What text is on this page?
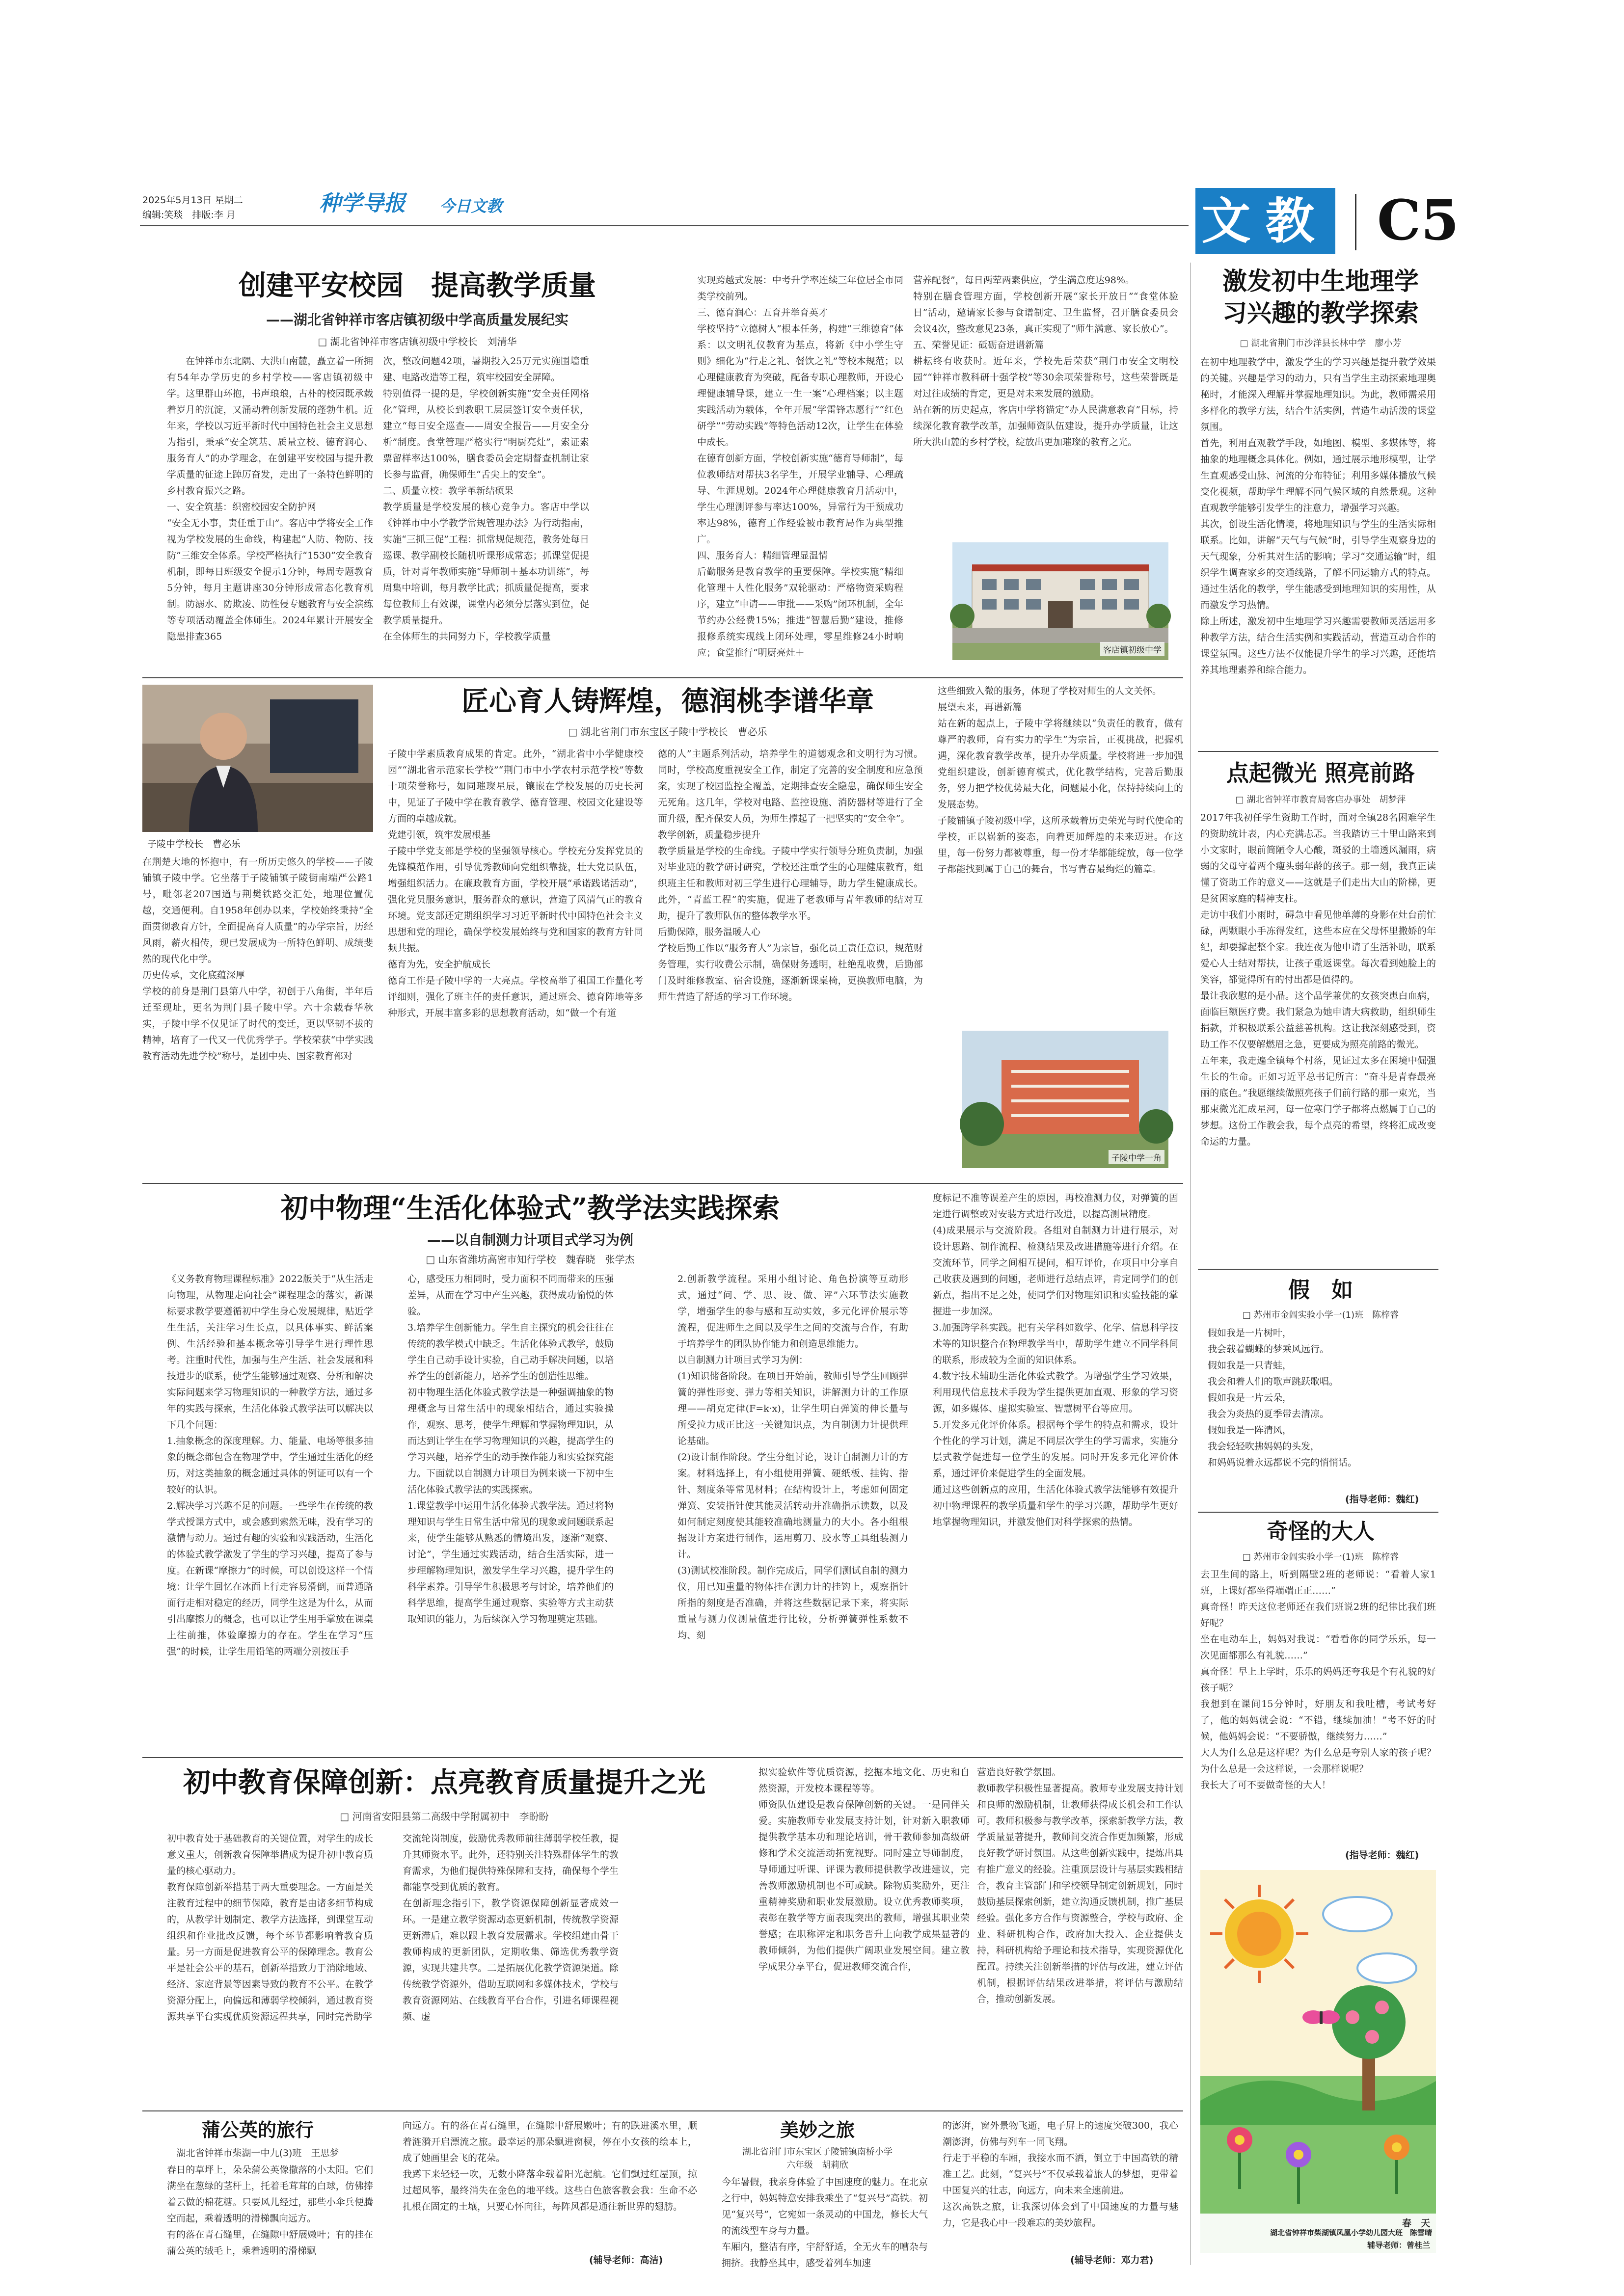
2025年5月13日 星期二
编辑:笑琰　排版:李 月	种学导报	今日文教	文教 C5
创建平安校园　提高教学质量
——湖北省钟祥市客店镇初级中学高质量发展纪实
□ 湖北省钟祥市客店镇初级中学校长　刘清华
在钟祥市东北隅、大洪山南麓，矗立着一所拥有54年办学历史的乡村学校——客店镇初级中学。这里群山环抱，书声琅琅，古朴的校园既承载着岁月的沉淀，又涌动着创新发展的蓬勃生机。近年来，学校以习近平新时代中国特色社会主义思想为指引，秉承“安全筑基、质量立校、德育润心、服务育人”的办学理念，在创建平安校园与提升教学质量的征途上踔厉奋发，走出了一条特色鲜明的乡村教育振兴之路。
一、安全筑基：织密校园安全防护网
“安全无小事，责任重于山”。客店中学将安全工作视为学校发展的生命线，构建起“人防、物防、技防”三维安全体系。学校严格执行“1530”安全教育机制，即每日班级安全提示1分钟，每周专题教育5分钟，每月主题讲座30分钟形成常态化教育机制。防溺水、防欺凌、防性侵专题教育与安全演练等专项活动覆盖全体师生。2024年累计开展安全隐患排查365
次，整改问题42项，暑期投入25万元实施围墙重建、电路改造等工程，筑牢校园安全屏障。
特别值得一提的是，学校创新实施“安全责任网格化”管理，从校长到教职工层层签订安全责任状，建立“每日安全巡查——周安全报告——月安全分析”制度。食堂管理严格实行“明厨亮灶”，索证索票留样率达100%，膳食委员会定期督查机制让家长参与监督，确保师生“舌尖上的安全”。
二、质量立校：教学革新结硕果
教学质量是学校发展的核心竞争力。客店中学以《钟祥市中小学教学常规管理办法》为行动指南，实施“三抓三促”工程：抓常规促规范，教务处每日巡课、教学副校长随机听课形成常态；抓课堂促提质，针对青年教师实施“导师制＋基本功训练”，每周集中培训，每月教学比武；抓质量促提高，要求每位教师上有效课，课堂内必须分层落实到位，促教学质量提升。
在全体师生的共同努力下，学校教学质量
实现跨越式发展：中考升学率连续三年位居全市同类学校前列。
三、德育润心：五育并举育英才
学校坚持“立德树人”根本任务，构建“三维德育”体系：以文明礼仪教育为基点，将新《中小学生守则》细化为“行走之礼、餐饮之礼”等校本规范；以心理健康教育为突破，配备专职心理教师，开设心理健康辅导课，建立一生一案”心理档案；以主题实践活动为载体，全年开展“学雷锋志愿行”“红色研学”“劳动实践”等特色活动12次，让学生在体验中成长。
在德育创新方面，学校创新实施“德育导师制”，每位教师结对帮扶3名学生，开展学业辅导、心理疏导、生涯规划。2024年心理健康教育月活动中，学生心理测评参与率达100%，异常行为干预成功率达98%，德育工作经验被市教育局作为典型推广。
四、服务育人：精细管理显温情
后勤服务是教育教学的重要保障。学校实施“精细化管理＋人性化服务”双轮驱动：严格物资采购程序，建立“申请——审批——采购”闭环机制，全年节约办公经费15%；推进“智慧后勤”建设，推修报修系统实现线上闭环处理，零星维修24小时响应；食堂推行“明厨亮灶＋
营养配餐”，每日两荤两素供应，学生满意度达98%。
特别在膳食管理方面，学校创新开展“家长开放日”“食堂体验日”活动，邀请家长参与食谱制定、卫生监督，召开膳食委员会会议4次，整改意见23条，真正实现了“师生满意、家长放心”。
五、荣誉见证：砥砺奋进谱新篇
耕耘终有收获时。近年来，学校先后荣获“荆门市安全文明校园”“钟祥市教科研十强学校”等30余项荣誉称号，这些荣誉既是对过往成绩的肯定，更是对未来发展的激励。
站在新的历史起点，客店中学将锚定“办人民满意教育”目标，持续深化教育教学改革，加强师资队伍建设，提升办学质量，让这所大洪山麓的乡村学校，绽放出更加璀璨的教育之光。
客店镇初级中学
匠心育人铸辉煌，德润桃李谱华章
□ 湖北省荆门市东宝区子陵中学校长　曹必乐
子陵中学校长　曹必乐
在荆楚大地的怀抱中，有一所历史悠久的学校——子陵铺镇子陵中学。它坐落于子陵铺镇子陵街南端严公路1号，毗邻老207国道与荆樊铁路交汇处，地理位置优越，交通便利。自1958年创办以来，学校始终秉持“全面贯彻教育方针，全面提高育人质量”的办学宗旨，历经风雨，薪火相传，现已发展成为一所特色鲜明、成绩斐然的现代化中学。
历史传承，文化底蕴深厚
学校的前身是荆门县第八中学，初创于八角街，半年后迁至现址，更名为荆门县子陵中学。六十余载春华秋实，子陵中学不仅见证了时代的变迁，更以坚韧不拔的精神，培育了一代又一代优秀学子。学校荣获“中学实践教育活动先进学校”称号，是团中央、国家教育部对
子陵中学素质教育成果的肯定。此外，“湖北省中小学健康校园”“湖北省示范家长学校”“荆门市中小学农村示范学校”等数十项荣誉称号，如同璀璨星辰，镶嵌在学校发展的历史长河中，见证了子陵中学在教育教学、德育管理、校园文化建设等方面的卓越成就。
党建引领，筑牢发展根基
子陵中学党支部是学校的坚强领导核心。学校充分发挥党员的先锋模范作用，引导优秀教师向党组织靠拢，壮大党员队伍，增强组织活力。在廉政教育方面，学校开展“承诺践诺活动”，强化党员服务意识，服务群众的意识，营造了风清气正的教育环境。党支部还定期组织学习习近平新时代中国特色社会主义思想和党的理论，确保学校发展始终与党和国家的教育方针同频共振。
德育为先，安全护航成长
德育工作是子陵中学的一大亮点。学校高举了祖国工作量化考评细则，强化了班主任的责任意识，通过班会、德育阵地等多种形式，开展丰富多彩的思想教育活动，如“做一个有道
德的人”主题系列活动，培养学生的道德观念和文明行为习惯。同时，学校高度重视安全工作，制定了完善的安全制度和应急预案，实现了校园监控全覆盖，定期排查安全隐患，确保师生安全无死角。这几年，学校对电路、监控设施、消防器材等进行了全面升级，配齐保安人员，为师生撑起了一把坚实的“安全伞”。
教学创新，质量稳步提升
教学质量是学校的生命线。子陵中学实行领导分班负责制，加强对毕业班的教学研讨研究，学校还注重学生的心理健康教育，组织班主任和教师对初三学生进行心理辅导，助力学生健康成长。此外，“青蓝工程”的实施，促进了老教师与青年教师的结对互助，提升了教师队伍的整体教学水平。
后勤保障，服务温暖人心
学校后勤工作以“服务育人”为宗旨，强化员工责任意识，规范财务管理，实行收费公示制，确保财务透明，杜绝乱收费，后勤部门及时维修教室、宿舍设施，逐渐新课桌椅，更换教师电脑，为师生营造了舒适的学习工作环境。
这些细致入微的服务，体现了学校对师生的人文关怀。
展望未来，再谱新篇
站在新的起点上，子陵中学将继续以“负责任的教育，做有尊严的教师，育有实力的学生”为宗旨，正视挑战，把握机遇，深化教育教学改革，提升办学质量。学校将进一步加强党组织建设，创新德育模式，优化教学结构，完善后勤服务，努力把学校优势最大化，问题最小化，保持持续向上的发展态势。
子陵铺镇子陵初级中学，这所承载着历史荣光与时代使命的学校，正以崭新的姿态，向着更加辉煌的未来迈进。在这里，每一份努力都被尊重，每一份才华都能绽放，每一位学子都能找到属于自己的舞台，书写青春最绚烂的篇章。
子陵中学一角
初中物理“生活化体验式”教学法实践探索
——以自制测力计项目式学习为例
□ 山东省潍坊高密市知行学校　魏春晓　张学杰
《义务教育物理课程标准》2022版关于“从生活走向物理，从物理走向社会”课程理念的落实，新课标要求教学要遵循初中学生身心发展规律，贴近学生生活，关注学习生长点，以具体事实、鲜活案例、生活经验和基本概念等引导学生进行理性思考。注重时代性，加强与生产生活、社会发展和科技进步的联系，使学生能够通过观察、分析和解决实际问题来学习物理知识的一种教学方法，通过多年的实践与探索，生活化体验式教学法可以解决以下几个问题：
1.抽象概念的深度理解。力、能量、电场等很多抽象的概念都包含在物理学中，学生通过生活化的经历，对这类抽象的概念通过具体的例证可以有一个较好的认识。
2.解决学习兴趣不足的问题。一些学生在传统的教学式授课方式中，或会感到索然无味，没有学习的激情与动力。通过有趣的实验和实践活动，生活化的体验式教学激发了学生的学习兴趣，提高了参与度。在新课“摩擦力”的时候，可以创设这样一个情境：让学生回忆在冰面上行走容易滑倒，而普通路面行走相对稳定的经历，同学生这是为什么，从而引出摩擦力的概念，也可以让学生用手掌放在课桌上往前推，体验摩擦力的存在。学生在学习“压强”的时候，让学生用铅笔的两端分别按压手
心，感受压力相同时，受力面积不同而带来的压强差异，从而在学习中产生兴趣，获得成功愉悦的体验。
3.培养学生创新能力。学生自主探究的机会往往在传统的教学模式中缺乏。生活化体验式教学，鼓励学生自己动手设计实验，自己动手解决问题，以培养学生的创新能力，培养学生的创造性思维。
初中物理生活化体验式教学法是一种强调抽象的物理概念与日常生活中的现象相结合，通过实验操作，观察、思考，使学生理解和掌握物理知识，从而达到让学生在学习物理知识的兴趣，提高学生的学习兴趣，培养学生的动手操作能力和实验探究能力。下面就以自制测力计项目为例来谈一下初中生活化体验式教学法的实践探索。
1.课堂教学中运用生活化体验式教学法。通过将物理知识与学生日常生活中常见的现象或问题联系起来，使学生能够从熟悉的情境出发，逐渐“观察、讨论”，学生通过实践活动，结合生活实际，进一步理解物理知识，激发学生学习兴趣，提升学生的科学素养。引导学生积极思考与讨论，培养他们的科学思维，提高学生通过观察、实验等方式主动获取知识的能力，为后续深入学习物理奠定基础。
2.创新教学流程。采用小组讨论、角色扮演等互动形式，通过“问、学、思、设、做、评”六环节法实施教学，增强学生的参与感和互动实效，多元化评价展示等流程，促进师生之间以及学生之间的交流与合作，有助于培养学生的团队协作能力和创造思维能力。
以自制测力计项目式学习为例：
(1)知识储备阶段。在项目开始前，教师引导学生回顾弹簧的弹性形变、弹力等相关知识，讲解测力计的工作原理——胡克定律(F=k·x)，让学生明白弹簧的伸长量与所受拉力成正比这一关键知识点，为自制测力计提供理论基础。
(2)设计制作阶段。学生分组讨论，设计自制测力计的方案。材料选择上，有小组使用弹簧、硬纸板、挂钩、指针、刻度条等常见材料；在结构设计上，考虑如何固定弹簧、安装指针使其能灵活转动并准确指示读数，以及如何制定刻度使其能较准确地测量力的大小。各小组根据设计方案进行制作，运用剪刀、胶水等工具组装测力计。
(3)测试校准阶段。制作完成后，同学们测试自制的测力仪，用已知重量的物体挂在测力计的挂钩上，观察指针所指的刻度是否准确，并将这些数据记录下来，将实际重量与测力仪测量值进行比较，分析弹簧弹性系数不均、刻
度标记不准等误差产生的原因，再校准测力仪，对弹簧的固定进行调整或对安装方式进行改进，以提高测量精度。
(4)成果展示与交流阶段。各组对自制测力计进行展示，对设计思路、制作流程、检测结果及改进措施等进行介绍。在交流环节，同学之间相互提问，相互评价，在项目中分享自己收获及遇到的问题，老师进行总结点评，肯定同学们的创新点，指出不足之处，使同学们对物理知识和实验技能的掌握进一步加深。
3.加强跨学科实践。把有关学科如数学、化学、信息科学技术等的知识整合在物理教学当中，帮助学生建立不同学科间的联系，形成较为全面的知识体系。
4.数字技术辅助生活化体验式教学。为增强学生学习效果，利用现代信息技术手段为学生提供更加直观、形象的学习资源，如多媒体、虚拟实验室、智慧树平台等应用。
5.开发多元化评价体系。根据每个学生的特点和需求，设计个性化的学习计划，满足不同层次学生的学习需求，实施分层式教学促进每一位学生的发展。同时开发多元化评价体系，通过评价来促进学生的全面发展。
通过这些创新点的应用，生活化体验式教学法能够有效提升初中物理课程的教学质量和学生的学习兴趣，帮助学生更好地掌握物理知识，并激发他们对科学探索的热情。
初中教育保障创新：点亮教育质量提升之光
□ 河南省安阳县第二高级中学附属初中　李盼盼
初中教育处于基础教育的关键位置，对学生的成长意义重大，创新教育保障举措成为提升初中教育质量的核心驱动力。
教育保障创新举措基于两大重要理念。一方面是关注教育过程中的细节保障，教育是由诸多细节构成的，从教学计划制定、教学方法选择，到课堂互动组织和作业批改反馈，每个环节都影响着教育质量。另一方面是促进教育公平的保障理念。教育公平是社会公平的基石，创新举措致力于消除地域、经济、家庭背景等因素导致的教育不公平。在教学资源分配上，向偏远和薄弱学校倾斜，通过教育资源共享平台实现优质资源远程共享，同时完善助学
交流轮岗制度，鼓励优秀教师前往薄弱学校任教，提升其师资水平。此外，还特别关注特殊群体学生的教育需求，为他们提供特殊保障和支持，确保每个学生都能享受到优质的教育。
在创新理念指引下，教学资源保障创新显著成效一环。一是建立教学资源动态更新机制，传统教学资源更新滞后，难以跟上教育发展需求。学校组建由骨干教师构成的更新团队，定期收集、筛选优秀教学资源，实现共建共享。二是拓展优化教学资源渠道。除传统教学资源外，借助互联网和多媒体技术，学校与教育资源网站、在线教育平台合作，引进名师课程视频、虚
拟实验软件等优质资源，挖掘本地文化、历史和自然资源，开发校本课程等等。
师资队伍建设是教育保障创新的关键。一是同伴关爱。实施教师专业发展支持计划，针对新入职教师提供教学基本功和理论培训，骨干教师参加高级研修和学术交流活动拓宽视野。同时建立导师制度，导师通过听课、评课为教师提供教学改进建议，完善教师激励机制也不可或缺。除物质奖励外，更注重精神奖励和职业发展激励。设立优秀教师奖项，表彰在教学等方面表现突出的教师，增强其职业荣誉感；在职称评定和职务晋升上向教学成果显著的教师倾斜，为他们提供广阔职业发展空间。建立教学成果分享平台，促进教师交流合作，
营造良好教学氛围。
教师教学积极性显著提高。教师专业发展支持计划和良师的激励机制，让教师获得成长机会和工作认可。教师积极参与教学改革，探索新教学方法，教学质量显著提升，教师间交流合作更加频繁，形成良好教学研讨氛围。从这些创新实践中，提炼出具有推广意义的经验。注重顶层设计与基层实践相结合，教育主管部门和学校领导制定创新规划，同时鼓励基层探索创新，建立沟通反馈机制，推广基层经验。强化多方合作与资源整合，学校与政府、企业、科研机构合作，政府加大投入、企业提供支持，科研机构给予理论和技术指导，实现资源优化配置。持续关注创新举措的评估与改进，建立评估机制，根据评估结果改进举措，将评估与激励结合，推动创新发展。
蒲公英的旅行
湖北省钟祥市柴湖一中九(3)班　王思梦
春日的草坪上，朵朵蒲公英像撒落的小太阳。它们满坐在葱绿的茎杆上，托着毛茸茸的白球，仿佛捧着云做的棉花糖。只要风儿经过，那些小伞兵便腾空而起，乘着透明的滑梯飘向远方。
有的落在青石缝里，在缝隙中舒展嫩叶；有的挂在蒲公英的绒毛上，乘着透明的滑梯飘
向远方。有的落在青石缝里，在缝隙中舒展嫩叶；有的跌进溪水里，顺着涟漪开启漂流之旅。最幸运的那朵飘进窗棂，停在小女孩的绘本上，成了她画里会飞的花朵。
我蹲下来轻轻一吹，无数小降落伞载着阳光起航。它们飘过红屋顶，掠过超风筝，最终消失在金色的地平线。这些白色旅客教会我：生命不必扎根在固定的土壤，只要心怀向往，每阵风都是通往新世界的翅膀。
(辅导老师：高洁)
美妙之旅
湖北省荆门市东宝区子陵铺镇南桥小学
六年级　胡莉欣
今年暑假，我亲身体验了中国速度的魅力。在北京之行中，妈妈特意安排我乘坐了“复兴号”高铁。初见“复兴号”，它宛如一条灵动的中国龙，修长大气的流线型车身与力量。
车厢内，整洁有序，宇舒舒适，全无火车的嘈杂与拥挤。我静坐其中，感受着列车加速
的澎湃，窗外景物飞逝，电子屏上的速度突破300，我心潮澎湃，仿佛与列车一同飞翔。
行走于平稳的车厢，我接水而不洒，倒立于中国高铁的精准工艺。此刻，“复兴号”不仅承载着旅人的梦想，更带着中国复兴的壮志，向远方，向未来全速前进。
这次高铁之旅，让我深切体会到了中国速度的力量与魅力，它是我心中一段难忘的美妙旅程。
(辅导老师：邓力君)
激发初中生地理学
习兴趣的教学探索
□ 湖北省荆门市沙洋县长林中学　廖小芳
在初中地理教学中，激发学生的学习兴趣是提升教学效果的关键。兴趣是学习的动力，只有当学生主动探索地理奥秘时，才能深入理解并掌握地理知识。为此，教师需采用多样化的教学方法，结合生活实例，营造生动活泼的课堂氛围。
首先，利用直观教学手段，如地图、模型、多媒体等，将抽象的地理概念具体化。例如，通过展示地形模型，让学生直观感受山脉、河流的分布特征；利用多媒体播放气候变化视频，帮助学生理解不同气候区域的自然景观。这种直观教学能够引发学生的注意力，增强学习兴趣。
其次，创设生活化情境，将地理知识与学生的生活实际相联系。比如，讲解“天气与气候”时，引导学生观察身边的天气现象，分析其对生活的影响；学习“交通运输”时，组织学生调查家乡的交通线路，了解不同运输方式的特点。通过生活化的教学，学生能感受到地理知识的实用性，从而激发学习热情。
除上所述，激发初中生地理学习兴趣需要教师灵活运用多种教学方法，结合生活实例和实践活动，营造互动合作的课堂氛围。这些方法不仅能提升学生的学习兴趣，还能培养其地理素养和综合能力。
点起微光 照亮前路
□ 湖北省钟祥市教育局客店办事处　胡梦萍
2017年我初任学生资助工作时，面对全镇28名困难学生的资助统计表，内心充满忐忑。当我踏访三十里山路来到小文家时，眼前简陋令人心酸，斑驳的土墙透风漏雨，病弱的父母守着两个瘦头弱年龄的孩子。那一刻，我真正读懂了资助工作的意义——这就是子们走出大山的阶梯，更是贫困家庭的精神支柱。
走访中我们小雨时，碍急中看见他单薄的身影在灶台前忙碌，两颗眼小手冻得发红，这些本应在父母怀里撒娇的年纪，却要撑起整个家。我连夜为他申请了生活补助，联系爱心人士结对帮扶，让孩子重返课堂。每次看到她脸上的笑容，都觉得所有的付出都是值得的。
最让我欣慰的是小晶。这个品学兼优的女孩突患白血病，面临巨额医疗费。我们紧急为她申请大病救助，组织师生捐款，并积极联系公益慈善机构。这让我深刻感受到，资助工作不仅要解燃眉之急，更要成为照亮前路的微光。
五年来，我走遍全镇每个村落，见证过太多在困境中倔强生长的生命。正如习近平总书记所言：“奋斗是青春最亮丽的底色。”我愿继续做照亮孩子们前行路的那一束光，当那束微光汇成星河，每一位寒门学子都将点燃属于自己的梦想。这份工作教会我，每个点亮的希望，终将汇成改变命运的力量。
假　如
□ 苏州市金阊实验小学一(1)班　陈梓睿
假如我是一片树叶，
我会载着蝴蝶的梦乘风远行。
假如我是一只青蛙，
我会和着人们的歌声跳跃歌唱。
假如我是一片云朵，
我会为炎热的夏季带去清凉。
假如我是一阵清风，
我会轻轻吹拂妈妈的头发，
和妈妈说着永远都说不完的悄悄话。
(指导老师：魏红)
奇怪的大人
□ 苏州市金阊实验小学一(1)班　陈梓睿
去卫生间的路上，听到隔壁2班的老师说：“看着人家1班，上课好都坐得端端正正……”
真奇怪！昨天这位老师还在我们班说2班的纪律比我们班好呢？
坐在电动车上，妈妈对我说：“看看你的同学乐乐，每一次见面都那么有礼貌……”
真奇怪！早上上学时，乐乐的妈妈还夸我是个有礼貌的好孩子呢？
我想到在课间15分钟时，好朋友和我吐槽，考试考好了，他的妈妈就会说：“不错，继续加油！”考不好的时候，他妈妈会说：“不要骄傲，继续努力……”
大人为什么总是这样呢？为什么总是夸别人家的孩子呢？为什么总是一会这样说，一会那样说呢？
我长大了可不要做奇怪的大人！
(指导老师：魏红)
春　天
湖北省钟祥市柴湖镇凤凰小学幼儿园大班　陈雪晴
辅导老师：曾桂兰
